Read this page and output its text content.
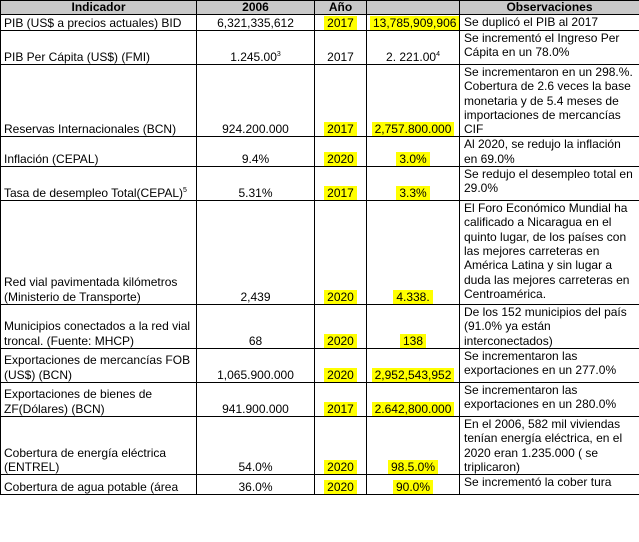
Indicador	2006	Año		Observaciones
PIB (US$ a precios actuales) BID	6,321,335,612	2017	13,785,909,906	Se duplicó el PIB al 2017
PIB Per Cápita (US$) (FMI)	1.245.00$^3$	2017	2. 221.00$^4$	Se incrementó el Ingreso Per Cápita en un 78.0%
Reservas Internacionales (BCN)	924.200.000	2017	2,757.800.000	Se incrementaron en un 298.%. Cobertura de 2.6 veces la base monetaria y de 5.4 meses de importaciones de mercancías CIF
Inflación (CEPAL)	9.4%	2020	3.0%	Al 2020, se redujo la inflación en 69.0%
Tasa de desempleo Total(CEPAL)$^5$	5.31%	2017	3.3%	Se redujo el desempleo total en 29.0%
Red vial pavimentada kilómetros (Ministerio de Transporte)	2,439	2020	4.338.	El Foro Económico Mundial ha calificado a Nicaragua en el quinto lugar, de los países con las mejores carreteras en América Latina y sin lugar a duda las mejores carreteras en Centroamérica.
Municipios conectados a la red vial troncal. (Fuente: MHCP)	68	2020	138	De los 152 municipios del país (91.0% ya están interconectados)
Exportaciones de mercancías FOB (US$) (BCN)	1,065.900.000	2020	2,952,543,952	Se incrementaron las exportaciones en un 277.0%
Exportaciones de bienes de ZF(Dólares) (BCN)	941.900.000	2017	2.642,800.000	Se incrementaron las exportaciones en un 280.0%
Cobertura de energía eléctrica (ENTREL)	54.0%	2020	98.5.0%	En el 2006, 582 mil viviendas tenían energía eléctrica, en el 2020 eran 1.235.000 ( se triplicaron)
Cobertura de agua potable (área	36.0%	2020	90.0%	Se incrementó la cober tura
